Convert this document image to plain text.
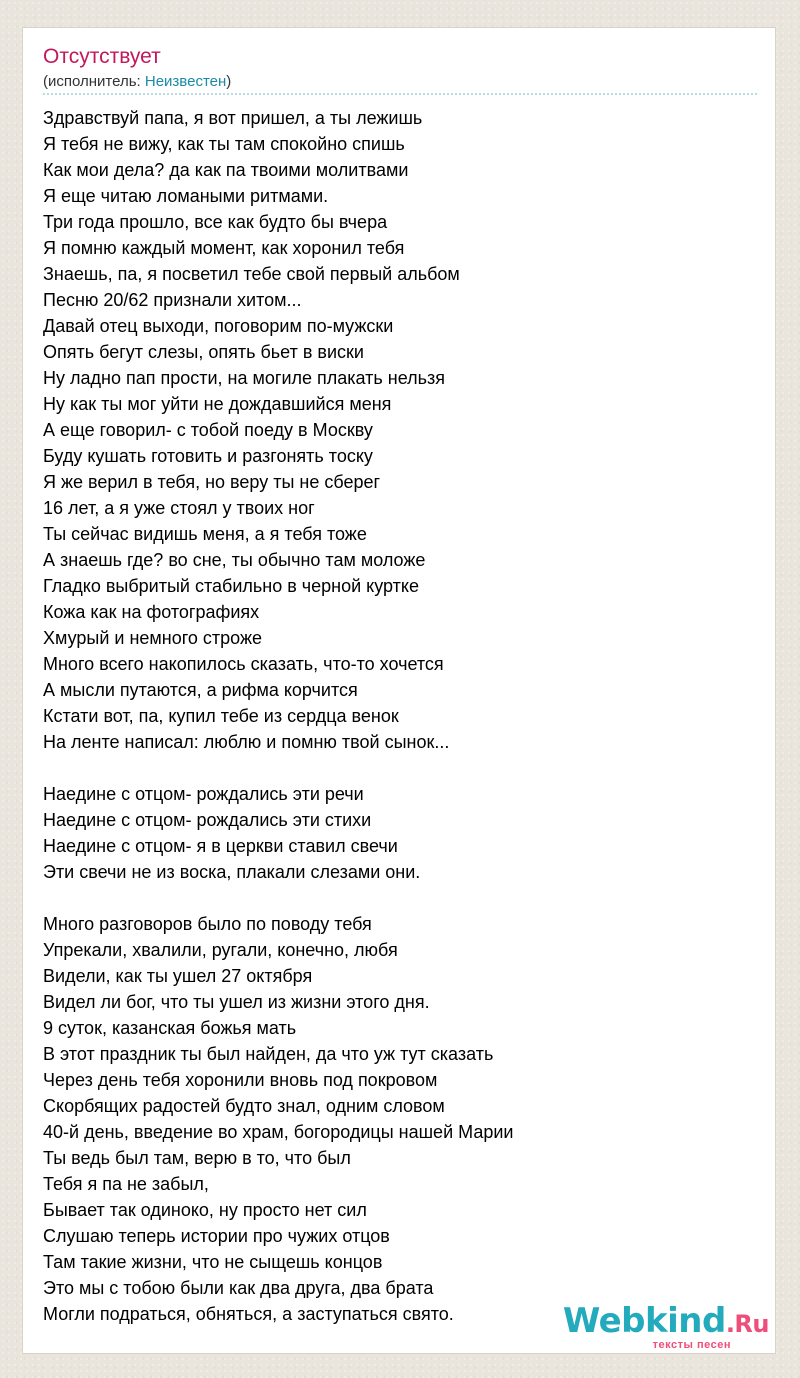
Отсутствует
(исполнитель: Неизвестен)
Здравствуй папа, я вот пришел, а ты лежишь
Я тебя не вижу, как ты там спокойно спишь
Как мои дела? да как па твоими молитвами
Я еще читаю ломаными ритмами.
Три года прошло, все как будто бы вчера
Я помню каждый момент, как хоронил тебя
Знаешь, па, я посветил тебе свой первый альбом
Песню 20/62 признали хитом...
Давай отец выходи, поговорим по-мужски
Опять бегут слезы, опять бьет в виски
Ну ладно пап прости, на могиле плакать нельзя
Ну как ты мог уйти не дождавшийся меня
А еще говорил- с тобой поеду в Москву
Буду кушать готовить и разгонять тоску
Я же верил в тебя, но веру ты не сберег
16 лет, а я уже стоял у твоих ног
Ты сейчас видишь меня, а я тебя тоже
А знаешь где? во сне, ты обычно там моложе
Гладко выбритый стабильно в черной куртке
Кожа как на фотографиях
Хмурый и немного строже
Много всего накопилось сказать, что-то хочется
А мысли путаются, а рифма корчится
Кстати вот, па, купил тебе из сердца венок
На ленте написал: люблю и помню твой сынок...
Наедине с отцом- рождались эти речи
Наедине с отцом- рождались эти стихи
Наедине с отцом- я в церкви ставил свечи
Эти свечи не из воска, плакали слезами они.
Много разговоров было по поводу тебя
Упрекали, хвалили, ругали, конечно, любя
Видели, как ты ушел 27 октября
Видел ли бог, что ты ушел из жизни этого дня.
9 суток, казанская божья мать
В этот праздник ты был найден, да что уж тут сказать
Через день тебя хоронили вновь под покровом
Скорбящих радостей будто знал, одним словом
40-й день, введение во храм, богородицы нашей Марии
Ты ведь был там, верю в то, что был
Тебя я па не забыл,
Бывает так одиноко, ну просто нет сил
Слушаю теперь истории про чужих отцов
Там такие жизни, что не сыщешь концов
Это мы с тобою были как два друга, два брата
Могли подраться, обняться, а заступаться свято.	Webkind.Ru
тексты песен
